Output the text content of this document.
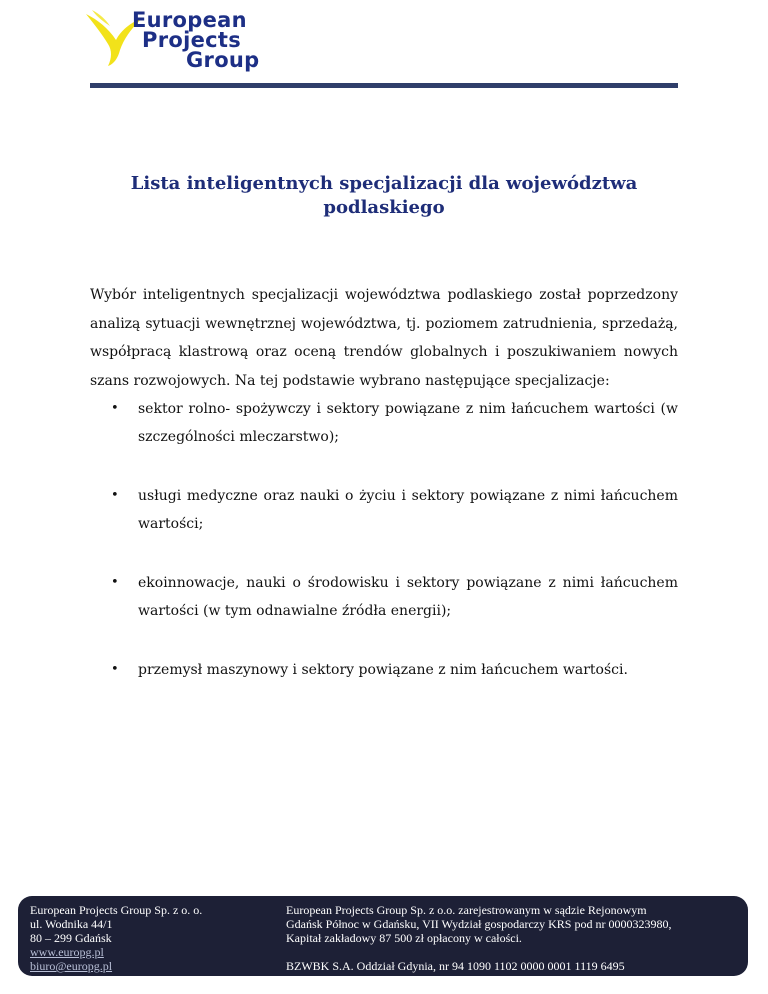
European
Projects
Group
Lista inteligentnych specjalizacji dla województwa podlaskiego

Wybór inteligentnych specjalizacji województwa podlaskiego został poprzedzony analizą sytuacji wewnętrznej województwa, tj. poziomem zatrudnienia, sprzedażą, współpracą klastrową oraz oceną trendów globalnych i poszukiwaniem nowych szans rozwojowych. Na tej podstawie wybrano następujące specjalizacje:

• sektor rolno- spożywczy i sektory powiązane z nim łańcuchem wartości (w szczególności mleczarstwo);
• usługi medyczne oraz nauki o życiu i sektory powiązane z nimi łańcuchem wartości;
• ekoinnowacje, nauki o środowisku i sektory powiązane z nimi łańcuchem wartości (w tym odnawialne źródła energii);
• przemysł maszynowy i sektory powiązane z nim łańcuchem wartości.
European Projects Group Sp. z o. o.
ul. Wodnika 44/1
80 – 299 Gdańsk
www.europg.pl
biuro@europg.pl
European Projects Group Sp. z o.o. zarejestrowanym w sądzie Rejonowym
Gdańsk Północ w Gdańsku, VII Wydział gospodarczy KRS pod nr 0000323980,
Kapitał zakładowy 87 500 zł opłacony w całości.
BZWBK S.A. Oddział Gdynia, nr 94 1090 1102 0000 0001 1119 6495
